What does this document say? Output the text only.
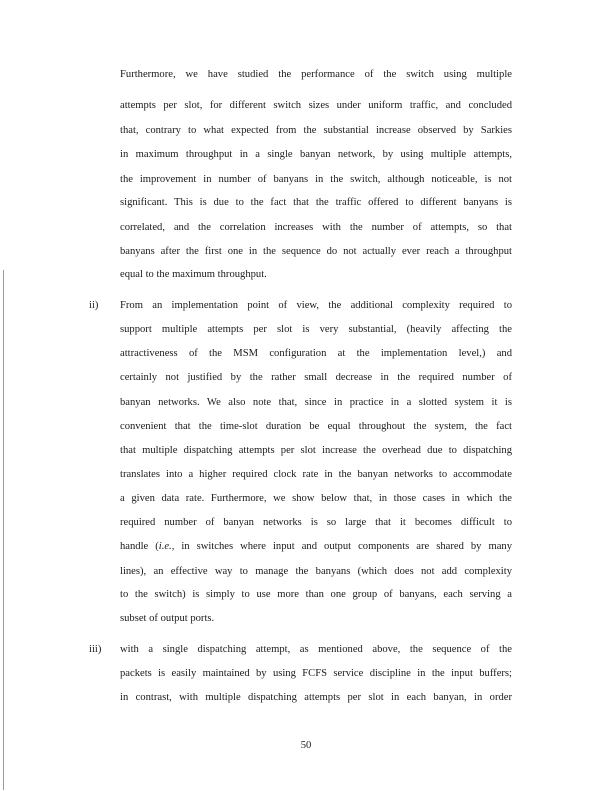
Furthermore, we have studied the performance of the switch using multiple
attempts per slot, for different switch sizes under uniform traffic, and concluded
that, contrary to what expected from the substantial increase observed by Sarkies
in maximum throughput in a single banyan network, by using multiple attempts,
the improvement in number of banyans in the switch, although noticeable, is not
significant. This is due to the fact that the traffic offered to different banyans is
correlated, and the correlation increases with the number of attempts, so that
banyans after the first one in the sequence do not actually ever reach a throughput
equal to the maximum throughput.
ii) From an implementation point of view, the additional complexity required to
support multiple attempts per slot is very substantial, (heavily affecting the
attractiveness of the MSM configuration at the implementation level,) and
certainly not justified by the rather small decrease in the required number of
banyan networks. We also note that, since in practice in a slotted system it is
convenient that the time-slot duration be equal throughout the system, the fact
that multiple dispatching attempts per slot increase the overhead due to dispatching
translates into a higher required clock rate in the banyan networks to accommodate
a given data rate. Furthermore, we show below that, in those cases in which the
required number of banyan networks is so large that it becomes difficult to
handle (i.e., in switches where input and output components are shared by many
lines), an effective way to manage the banyans (which does not add complexity
to the switch) is simply to use more than one group of banyans, each serving a
subset of output ports.
iii) with a single dispatching attempt, as mentioned above, the sequence of the
packets is easily maintained by using FCFS service discipline in the input buffers;
in contrast, with multiple dispatching attempts per slot in each banyan, in order
50
